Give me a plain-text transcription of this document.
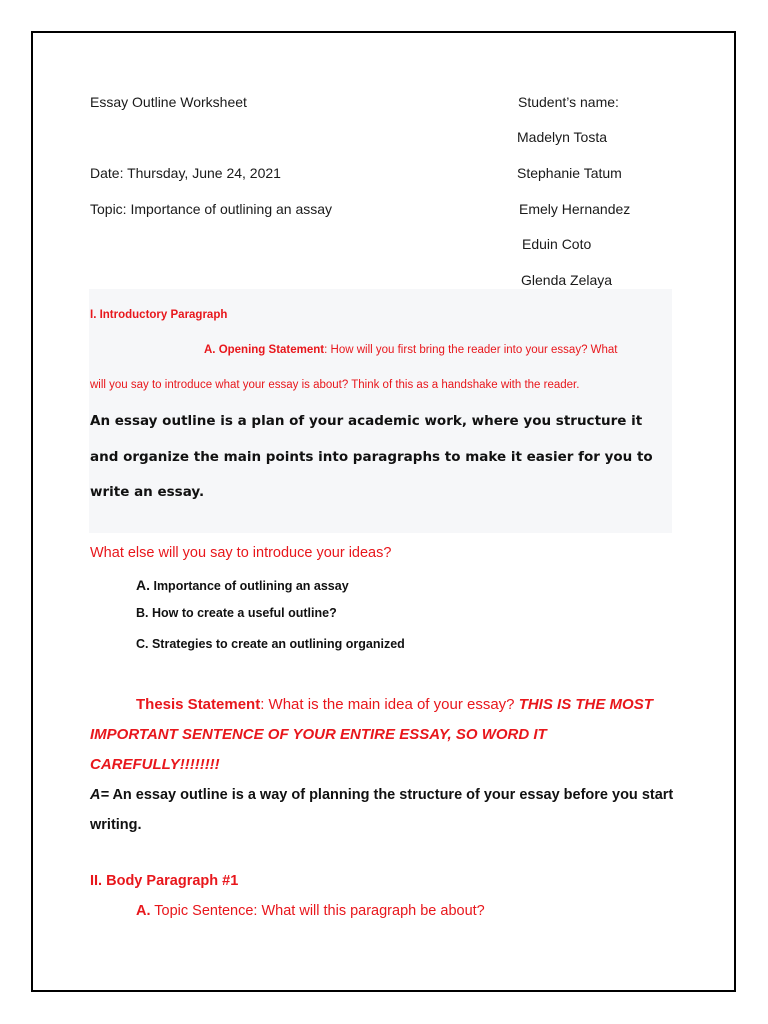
Essay Outline Worksheet
Date: Thursday, June 24, 2021
Topic: Importance of outlining an assay
Student’s name:
Madelyn Tosta
Stephanie Tatum
Emely Hernandez
Eduin Coto
Glenda Zelaya
I. Introductory Paragraph
A. Opening Statement: How will you first bring the reader into your essay? What
will you say to introduce what your essay is about? Think of this as a handshake with the reader.
An essay outline is a plan of your academic work, where you structure it and organize the main points into paragraphs to make it easier for you to write an essay.
What else will you say to introduce your ideas?
A. Importance of outlining an assay
B. How to create a useful outline?
C. Strategies to create an outlining organized
Thesis Statement: What is the main idea of your essay? THIS IS THE MOST IMPORTANT SENTENCE OF YOUR ENTIRE ESSAY, SO WORD IT CAREFULLY!!!!!!!!
A= An essay outline is a way of planning the structure of your essay before you start writing.
II. Body Paragraph #1
A. Topic Sentence: What will this paragraph be about?
